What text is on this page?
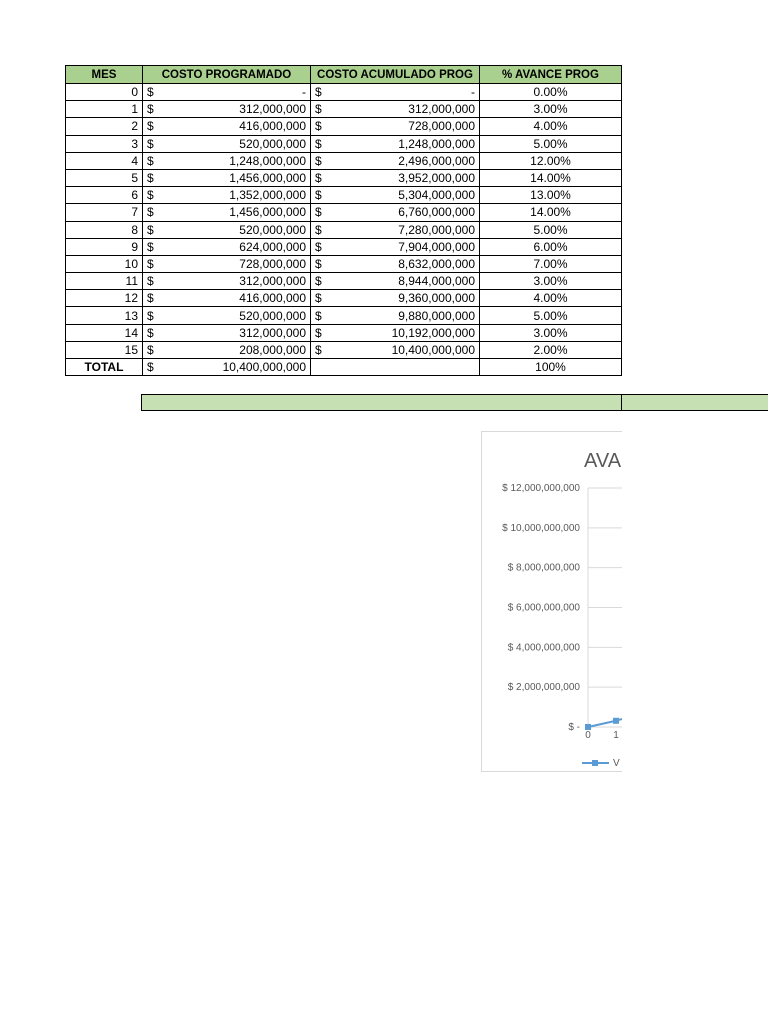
MES	COSTO PROGRAMADO	COSTO ACUMULADO PROG	% AVANCE PROG
0	$ -	$ -	0.00%
1	$ 312,000,000	$ 312,000,000	3.00%
2	$ 416,000,000	$ 728,000,000	4.00%
3	$ 520,000,000	$ 1,248,000,000	5.00%
4	$ 1,248,000,000	$ 2,496,000,000	12.00%
5	$ 1,456,000,000	$ 3,952,000,000	14.00%
6	$ 1,352,000,000	$ 5,304,000,000	13.00%
7	$ 1,456,000,000	$ 6,760,000,000	14.00%
8	$ 520,000,000	$ 7,280,000,000	5.00%
9	$ 624,000,000	$ 7,904,000,000	6.00%
10	$ 728,000,000	$ 8,632,000,000	7.00%
11	$ 312,000,000	$ 8,944,000,000	3.00%
12	$ 416,000,000	$ 9,360,000,000	4.00%
13	$ 520,000,000	$ 9,880,000,000	5.00%
14	$ 312,000,000	$ 10,192,000,000	3.00%
15	$ 208,000,000	$ 10,400,000,000	2.00%
TOTAL	$ 10,400,000,000		100%
AVA
$ 12,000,000,000
$ 10,000,000,000
$ 8,000,000,000
$ 6,000,000,000
$ 4,000,000,000
$ 2,000,000,000
$ -
0 1
V
